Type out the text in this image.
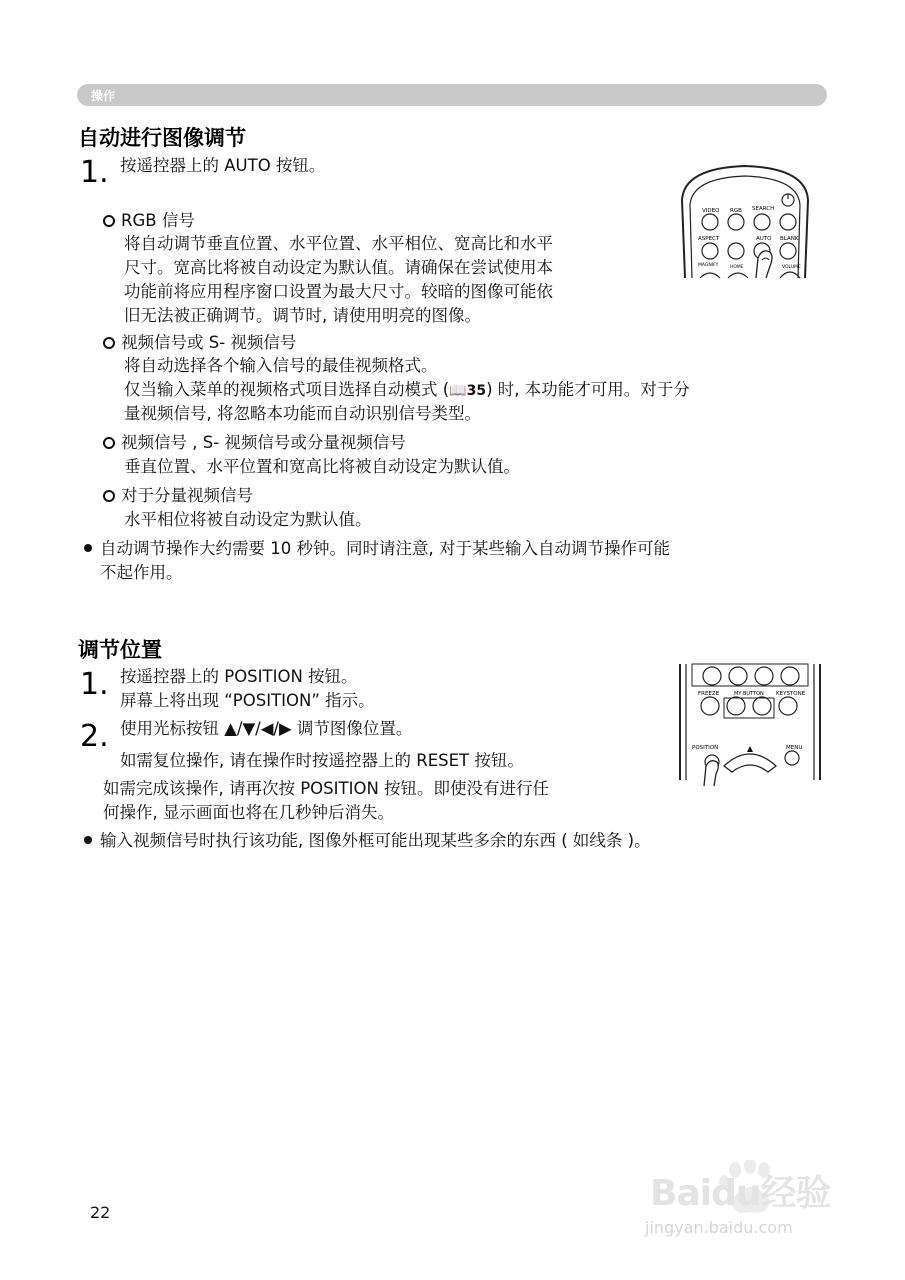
操作
自动进行图像调节
1. 按遥控器上的 AUTO 按钮。
RGB 信号
将自动调节垂直位置、水平位置、水平相位、宽高比和水平
尺寸。宽高比将被自动设定为默认值。请确保在尝试使用本
功能前将应用程序窗口设置为最大尺寸。较暗的图像可能依
旧无法被正确调节。调节时, 请使用明亮的图像。
视频信号或 S- 视频信号
将自动选择各个输入信号的最佳视频格式。
仅当输入菜单的视频格式项目选择自动模式 (📖35) 时, 本功能才可用。对于分
量视频信号, 将忽略本功能而自动识别信号类型。
视频信号 , S- 视频信号或分量视频信号
垂直位置、水平位置和宽高比将被自动设定为默认值。
对于分量视频信号
水平相位将被自动设定为默认值。
自动调节操作大约需要 10 秒钟。同时请注意, 对于某些输入自动调节操作可能
不起作用。
VIDEO RGB SEARCH
ASPECT	AUTO BLANK
MAGNIFY	HOME	VOLUME
调节位置
1. 按遥控器上的 POSITION 按钮。
屏幕上将出现 “POSITION” 指示。
2. 使用光标按钮 ▲/▼/◀/▶ 调节图像位置。
如需复位操作, 请在操作时按遥控器上的 RESET 按钮。
如需完成该操作, 请再次按 POSITION 按钮。即使没有进行任
何操作, 显示画面也将在几秒钟后消失。
输入视频信号时执行该功能, 图像外框可能出现某些多余的东西 ( 如线条 )。
FREEZE	MY BUTTON KEYSTONE
POSITION	MENU
22	Baidu经验
jingyan.baidu.com
